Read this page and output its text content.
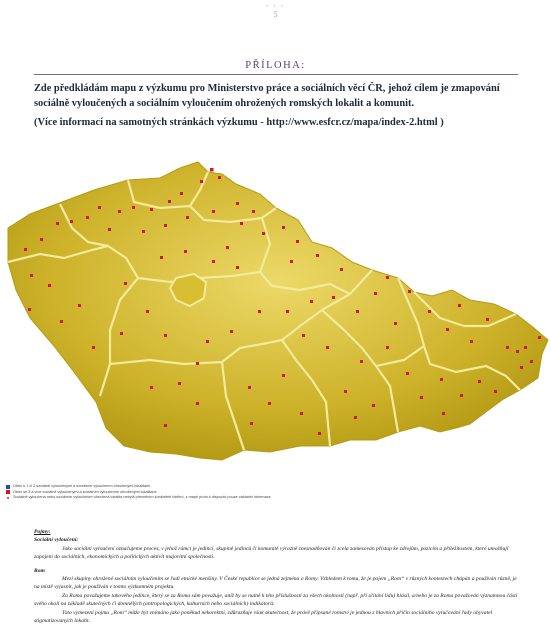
• • •
5
PŘÍLOHA:
Zde předkládám mapu z výzkumu pro Ministerstvo práce a sociálních věcí ČR, jehož cílem je zmapování sociálně vyloučených a sociálním vyloučením ohrožených romských lokalit a komunit.
(Více informací na samotných stránkách výzkumu - http://www.esfcr.cz/mapa/index-2.html )
Obec s 1 či 2 sociálně vyloučenými a sociálním vyloučením ohroženými lokalitami
Obec se 3 a více sociálně vyloučenými a sociálním vyloučením ohroženými lokalitami
Sociálně vyloučená nebo sociálním vyloučením ohrožená lokalita nebyla přesněním konkrétně lokfirní, z mapě proto k dispozici pouze základní informace

Pojmy:

Sociální vyloučení:

Jako sociální vyloučení označujeme proces, v jehož rámci je jedinci, skupině jedinců či komunitě výrazně znesnadňován či zcela zamezován přístup ke zdrojům, pozicím a příležitostem, které umožňují zapojení do sociálních, ekonomických a politických aktivit majoritní společnosti.

Rom

Mezi skupiny ohrožené sociálním vyloučením se řadí etnické menšiny. V České republice se jedná zejména o Romy. Vzhledem k tomu, že je pojem „Rom“ v různých kontextech chápán a používán různě, je na místě vyjasnit, jak je používán v tomto výzkumném projektu.

Za Roma považujeme takového jedince, který se za Roma sám považuje, aniž by se nutně k této příslušnosti za všech okolností (např. při sčítání lidu) hlásil, a/nebo je za Roma považován významnou částí svého okolí na základě skutečných či domnělých (antropologických, kulturních nebo sociálních) indikátorů.

Toto vymezení pojmu „Rom“ může být vnímáno jako poněkud nekorektní, zdůrazňuje však skutečnost, že právě připsané romství je jednou z hlavních příčin sociálního vylučování řady obyvatel stigmatizovaných lokalit.
